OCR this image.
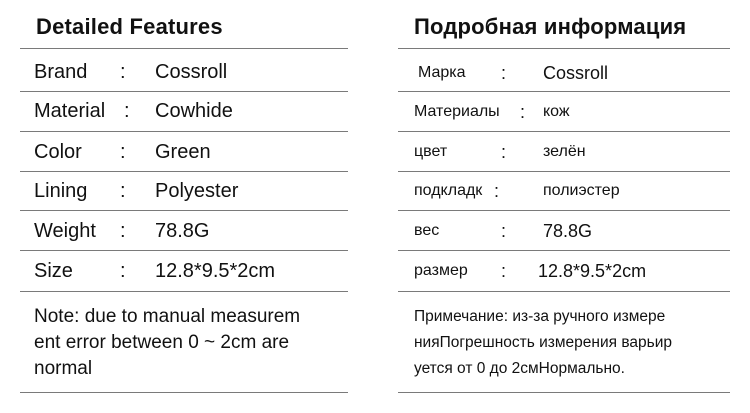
Detailed Features
Brand : Cossroll
Material : Cowhide
Color : Green
Lining : Polyester
Weight : 78.8G
Size : 12.8*9.5*2cm
Note: due to manual measurem
ent error between 0 ~ 2cm are
normal
Подробная информация
Марка : Cossroll
Материалы : кож
цвет	: зелён
подкладк :	полиэстер
вес	: 78.8G
размер : 12.8*9.5*2cm
Примечание: из-за ручного измере
нияПогрешность измерения варьир
уется от 0 до 2смНормально.
